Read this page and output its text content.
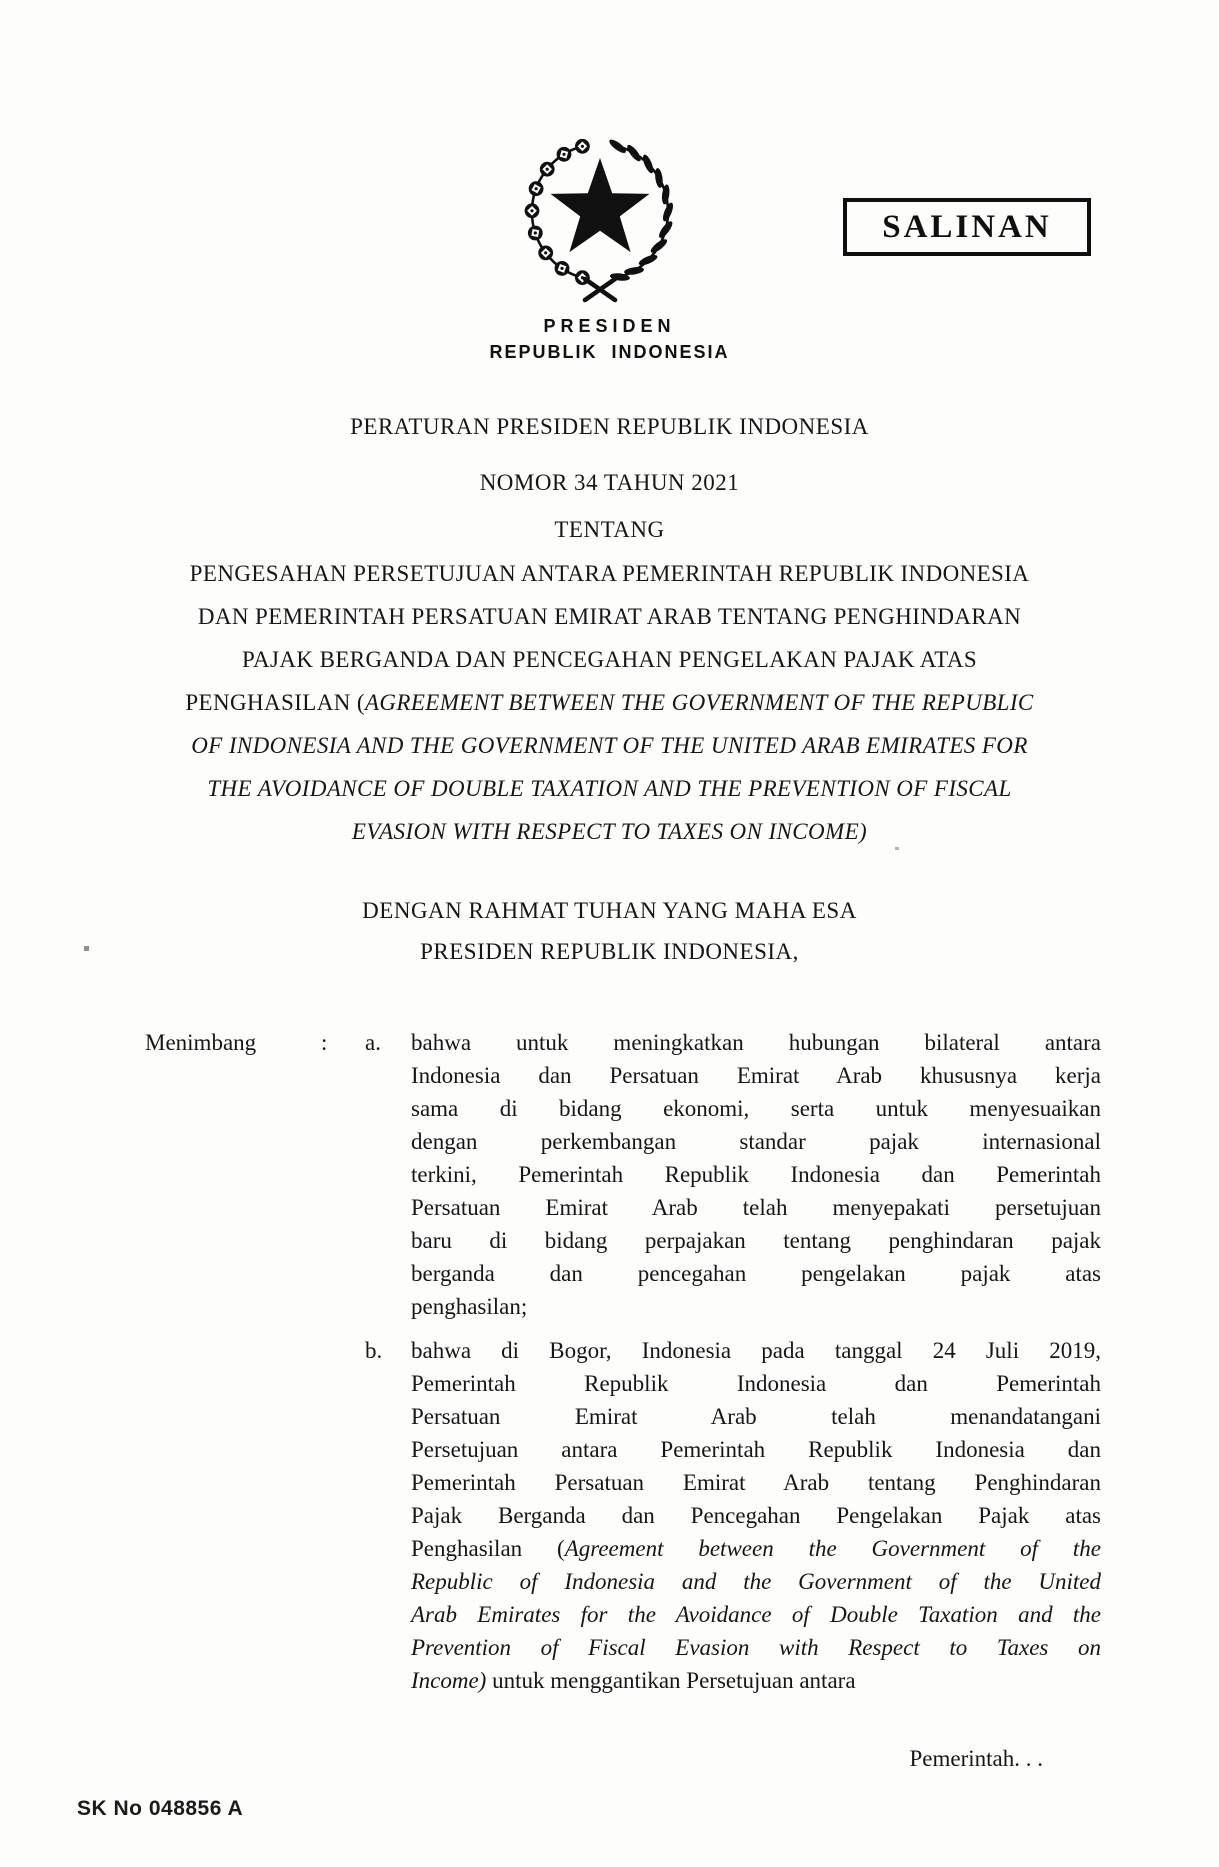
SALINAN
PRESIDEN
REPUBLIK INDONESIA
PERATURAN PRESIDEN REPUBLIK INDONESIA
NOMOR 34 TAHUN 2021
TENTANG
PENGESAHAN PERSETUJUAN ANTARA PEMERINTAH REPUBLIK INDONESIA
DAN PEMERINTAH PERSATUAN EMIRAT ARAB TENTANG PENGHINDARAN
PAJAK BERGANDA DAN PENCEGAHAN PENGELAKAN PAJAK ATAS
PENGHASILAN (AGREEMENT BETWEEN THE GOVERNMENT OF THE REPUBLIC
OF INDONESIA AND THE GOVERNMENT OF THE UNITED ARAB EMIRATES FOR
THE AVOIDANCE OF DOUBLE TAXATION AND THE PREVENTION OF FISCAL
EVASION WITH RESPECT TO TAXES ON INCOME)
DENGAN RAHMAT TUHAN YANG MAHA ESA
PRESIDEN REPUBLIK INDONESIA,
Menimbang	:	a.	bahwa untuk meningkatkan hubungan bilateral antara
Indonesia dan Persatuan Emirat Arab khususnya kerja
sama di bidang ekonomi, serta untuk menyesuaikan
dengan perkembangan standar pajak internasional
terkini, Pemerintah Republik Indonesia dan Pemerintah
Persatuan Emirat Arab telah menyepakati persetujuan
baru di bidang perpajakan tentang penghindaran pajak
berganda dan pencegahan pengelakan pajak atas
penghasilan;
b.	bahwa di Bogor, Indonesia pada tanggal 24 Juli 2019,
Pemerintah Republik Indonesia dan Pemerintah
Persatuan Emirat Arab telah menandatangani
Persetujuan antara Pemerintah Republik Indonesia dan
Pemerintah Persatuan Emirat Arab tentang Penghindaran
Pajak Berganda dan Pencegahan Pengelakan Pajak atas
Penghasilan (Agreement between the Government of the
Republic of Indonesia and the Government of the United
Arab Emirates for the Avoidance of Double Taxation and the
Prevention of Fiscal Evasion with Respect to Taxes on
Income) untuk menggantikan Persetujuan antara
Pemerintah. . .
SK No 048856 A
